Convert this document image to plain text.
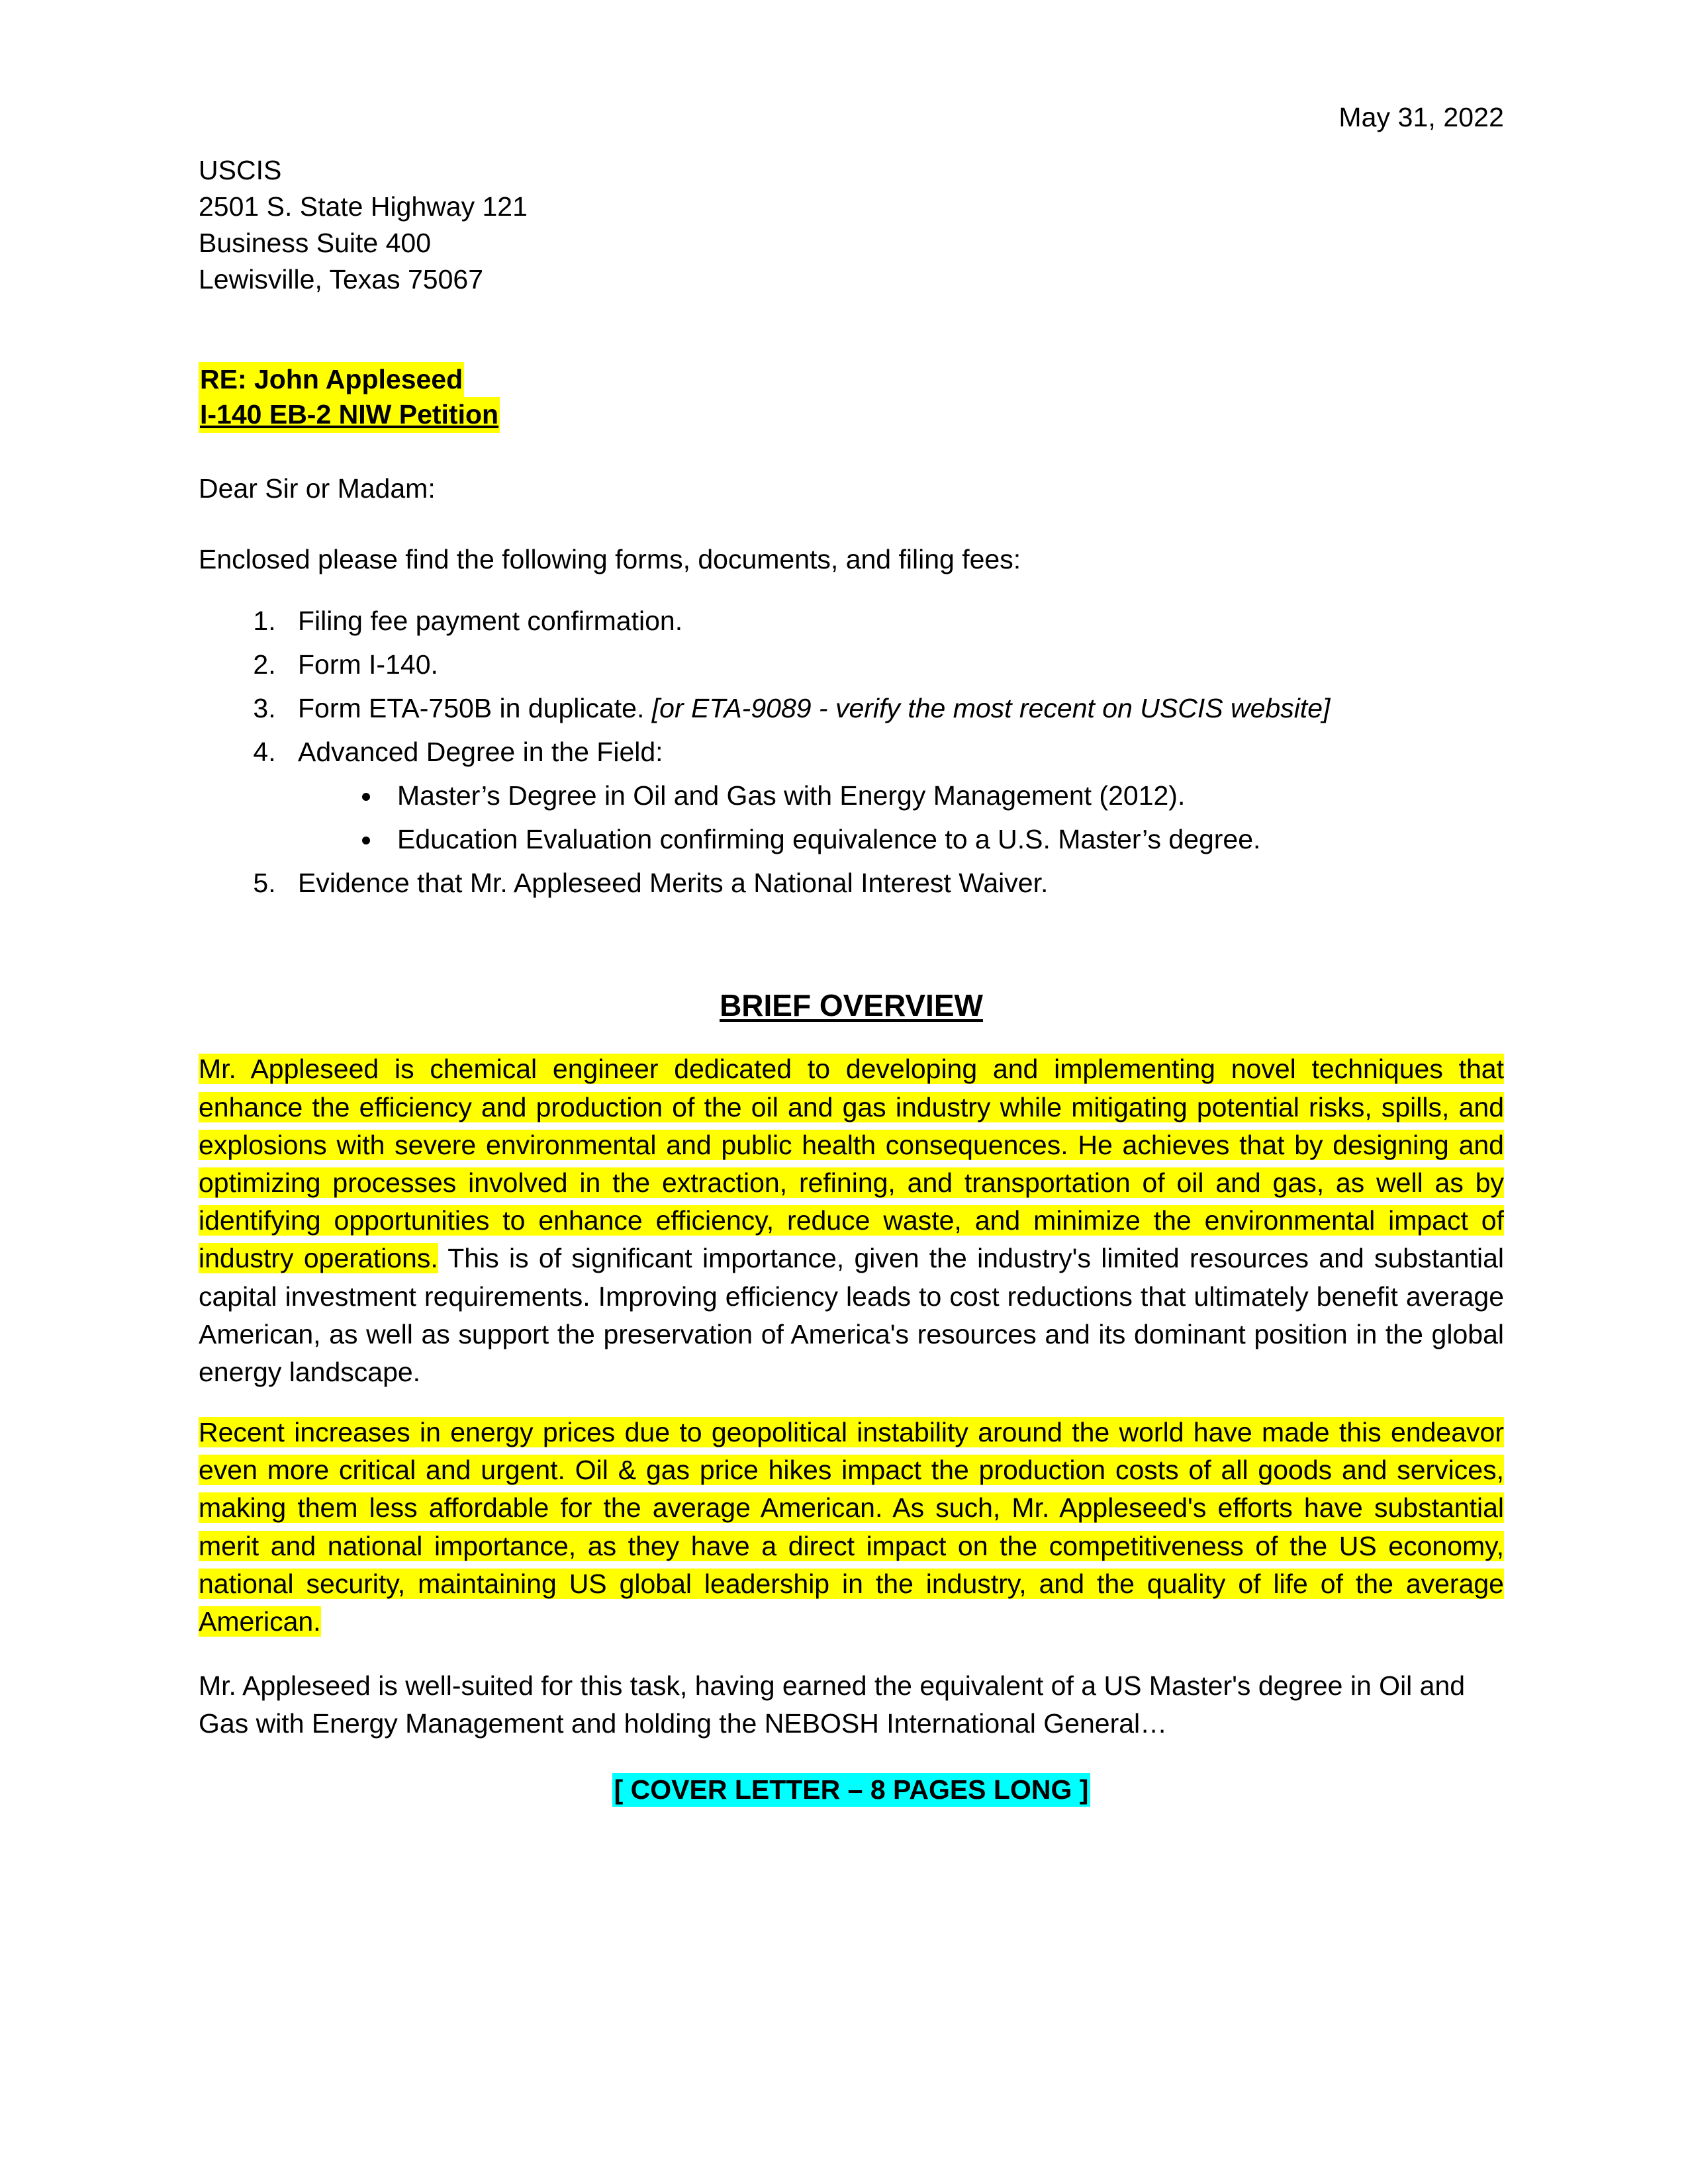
May 31, 2022
USCIS
2501 S. State Highway 121
Business Suite 400
Lewisville, Texas 75067
RE: John Appleseed
I-140 EB-2 NIW Petition
Dear Sir or Madam:
Enclosed please find the following forms, documents, and filing fees:
1. Filing fee payment confirmation.
2. Form I-140.
3. Form ETA-750B in duplicate. [or ETA-9089 - verify the most recent on USCIS website]
4. Advanced Degree in the Field:
• Master’s Degree in Oil and Gas with Energy Management (2012).
• Education Evaluation confirming equivalence to a U.S. Master’s degree.
5. Evidence that Mr. Appleseed Merits a National Interest Waiver.
BRIEF OVERVIEW

Mr. Appleseed is chemical engineer dedicated to developing and implementing novel techniques that enhance the efficiency and production of the oil and gas industry while mitigating potential risks, spills, and explosions with severe environmental and public health consequences. He achieves that by designing and optimizing processes involved in the extraction, refining, and transportation of oil and gas, as well as by identifying opportunities to enhance efficiency, reduce waste, and minimize the environmental impact of industry operations. This is of significant importance, given the industry's limited resources and substantial capital investment requirements. Improving efficiency leads to cost reductions that ultimately benefit average American, as well as support the preservation of America's resources and its dominant position in the global energy landscape.

Recent increases in energy prices due to geopolitical instability around the world have made this endeavor even more critical and urgent. Oil & gas price hikes impact the production costs of all goods and services, making them less affordable for the average American. As such, Mr. Appleseed's efforts have substantial merit and national importance, as they have a direct impact on the competitiveness of the US economy, national security, maintaining US global leadership in the industry, and the quality of life of the average American.

Mr. Appleseed is well-suited for this task, having earned the equivalent of a US Master's degree in Oil and Gas with Energy Management and holding the NEBOSH International General…

[ COVER LETTER – 8 PAGES LONG ]
